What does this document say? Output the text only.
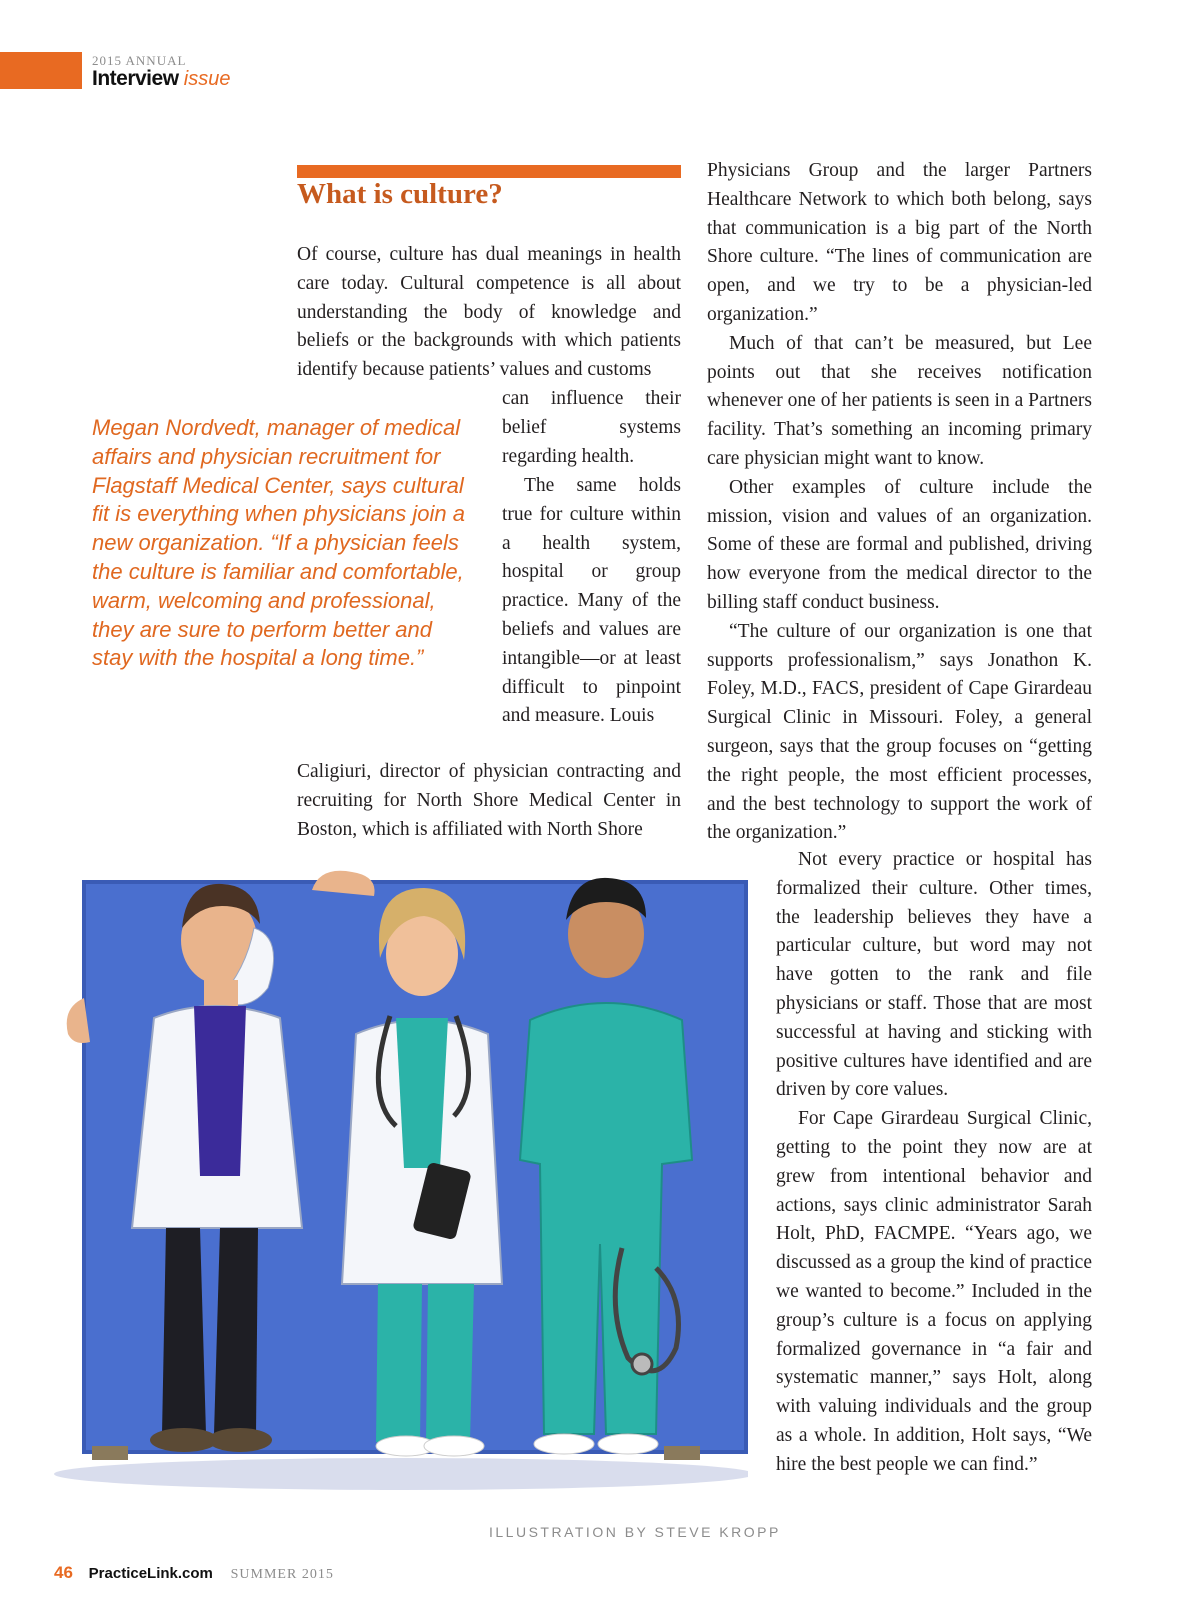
2015 ANNUAL
Interview issue
What is culture?

Of course, culture has dual meanings in health care today. Cultural competence is all about understanding the body of knowledge and beliefs or the backgrounds with which patients identify because patients’ values and customs

can influence their belief systems regarding health.

The same holds true for culture within a health system, hospital or group practice. Many of the beliefs and values are intangible—or at least difficult to pinpoint and measure. Louis

Caligiuri, director of physician contracting and recruiting for North Shore Medical Center in Boston, which is affiliated with North Shore

Megan Nordvedt, manager of medical affairs and physician recruitment for Flagstaff Medical Center, says cultural fit is everything when physicians join a new organization. “If a physician feels the culture is familiar and comfortable, warm, welcoming and professional, they are sure to perform better and stay with the hospital a long time.”

Physicians Group and the larger Partners Healthcare Network to which both belong, says that communication is a big part of the North Shore culture. “The lines of communication are open, and we try to be a physician-led organization.”

Much of that can’t be measured, but Lee points out that she receives notification whenever one of her patients is seen in a Partners facility. That’s something an incoming primary care physician might want to know.

Other examples of culture include the mission, vision and values of an organization. Some of these are formal and published, driving how everyone from the medical director to the billing staff conduct business.

“The culture of our organization is one that supports professionalism,” says Jonathon K. Foley, M.D., FACS, president of Cape Girardeau Surgical Clinic in Missouri. Foley, a general surgeon, says that the group focuses on “getting the right people, the most efficient processes, and the best technology to support the work of the organization.”

Not every practice or hospital has formalized their culture. Other times, the leadership believes they have a particular culture, but word may not have gotten to the rank and file physicians or staff. Those that are most successful at having and sticking with positive cultures have identified and are driven by core values.

For Cape Girardeau Surgical Clinic, getting to the point they now are at grew from intentional behavior and actions, says clinic administrator Sarah Holt, PhD, FACMPE. “Years ago, we discussed as a group the kind of practice we wanted to become.” Included in the group’s culture is a focus on applying formalized governance in “a fair and systematic manner,” says Holt, along with valuing individuals and the group as a whole. In addition, Holt says, “We hire the best people we can find.”

ILLUSTRATION BY STEVE KROPP
46 PracticeLink.com SUMMER 2015
